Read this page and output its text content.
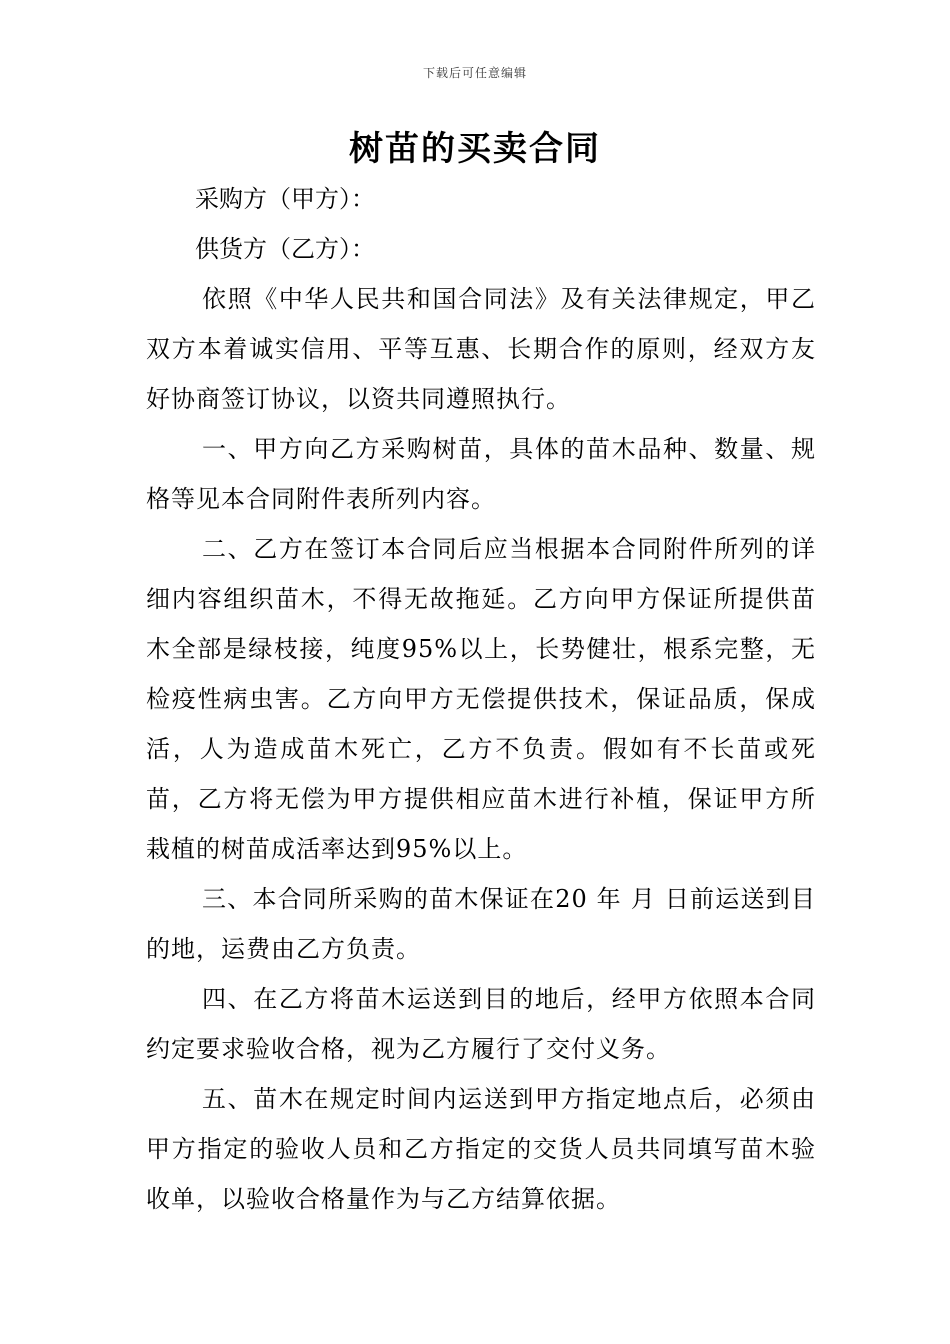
下载后可任意编辑
树苗的买卖合同
采购方（甲方）：
供货方（乙方）：

依照《中华人民共和国合同法》及有关法律规定，甲乙双方本着诚实信用、平等互惠、长期合作的原则，经双方友好协商签订协议，以资共同遵照执行。

一、甲方向乙方采购树苗，具体的苗木品种、数量、规格等见本合同附件表所列内容。

二、乙方在签订本合同后应当根据本合同附件所列的详细内容组织苗木，不得无故拖延。乙方向甲方保证所提供苗木全部是绿枝接，纯度95%以上，长势健壮，根系完整，无检疫性病虫害。乙方向甲方无偿提供技术，保证品质，保成活，人为造成苗木死亡，乙方不负责。假如有不长苗或死苗，乙方将无偿为甲方提供相应苗木进行补植，保证甲方所栽植的树苗成活率达到95%以上。

三、本合同所采购的苗木保证在20 年 月 日前运送到目的地，运费由乙方负责。

四、在乙方将苗木运送到目的地后，经甲方依照本合同约定要求验收合格，视为乙方履行了交付义务。

五、苗木在规定时间内运送到甲方指定地点后，必须由甲方指定的验收人员和乙方指定的交货人员共同填写苗木验收单，以验收合格量作为与乙方结算依据。
